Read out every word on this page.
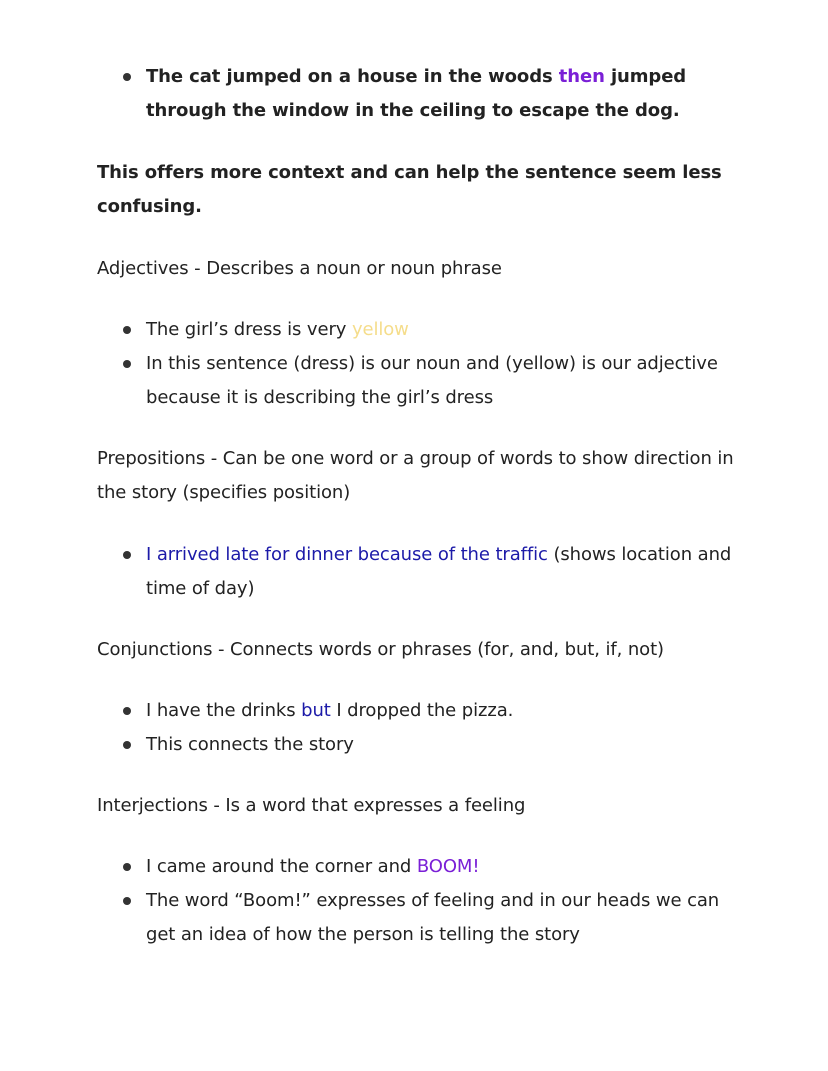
The cat jumped on a house in the woods then jumped through the window in the ceiling to escape the dog.

This offers more context and can help the sentence seem less confusing.

Adjectives - Describes a noun or noun phrase

The girl’s dress is very yellow
In this sentence (dress) is our noun and (yellow) is our adjective because it is describing the girl’s dress

Prepositions - Can be one word or a group of words to show direction in the story (specifies position)

I arrived late for dinner because of the traffic (shows location and time of day)

Conjunctions - Connects words or phrases (for, and, but, if, not)

I have the drinks but I dropped the pizza.
This connects the story

Interjections - Is a word that expresses a feeling

I came around the corner and BOOM!
The word “Boom!” expresses of feeling and in our heads we can get an idea of how the person is telling the story
